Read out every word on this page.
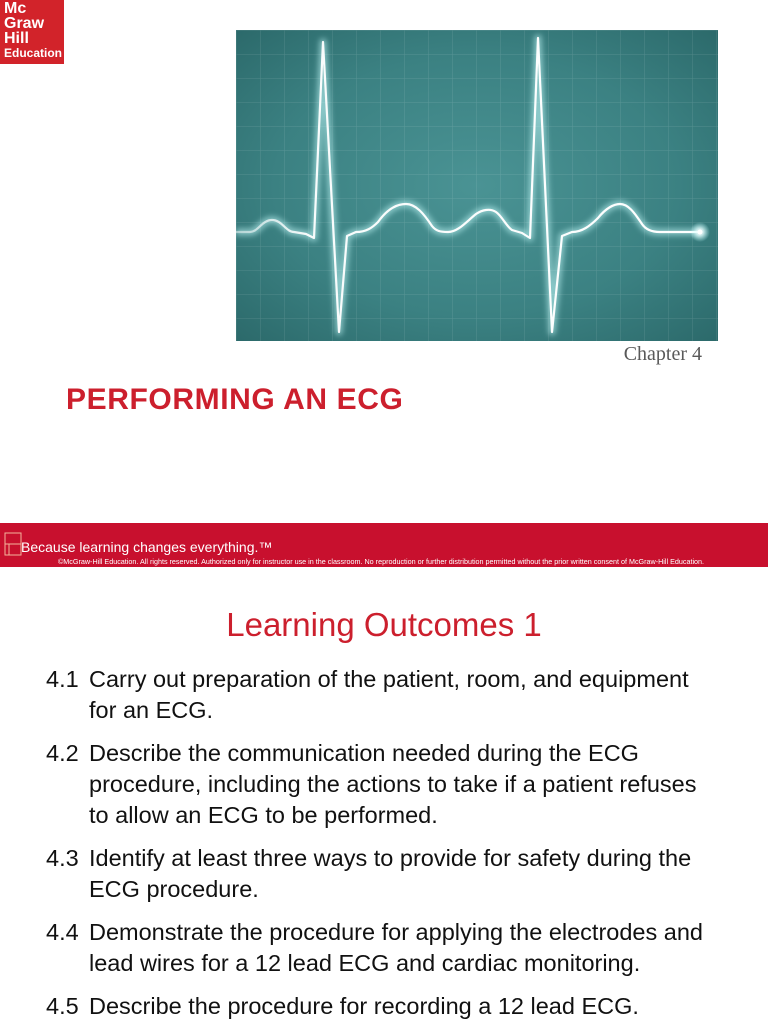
Mc
Graw
Hill
Education
Chapter 4
PERFORMING AN ECG
Because learning changes everything.™
©McGraw-Hill Education. All rights reserved. Authorized only for instructor use in the classroom. No reproduction or further distribution permitted without the prior written consent of McGraw-Hill Education.
Learning Outcomes 1
4.1 Carry out preparation of the patient, room, and equipment
for an ECG.
4.2 Describe the communication needed during the ECG
procedure, including the actions to take if a patient refuses
to allow an ECG to be performed.
4.3 Identify at least three ways to provide for safety during the
ECG procedure.
4.4 Demonstrate the procedure for applying the electrodes and
lead wires for a 12 lead ECG and cardiac monitoring.
4.5 Describe the procedure for recording a 12 lead ECG.
